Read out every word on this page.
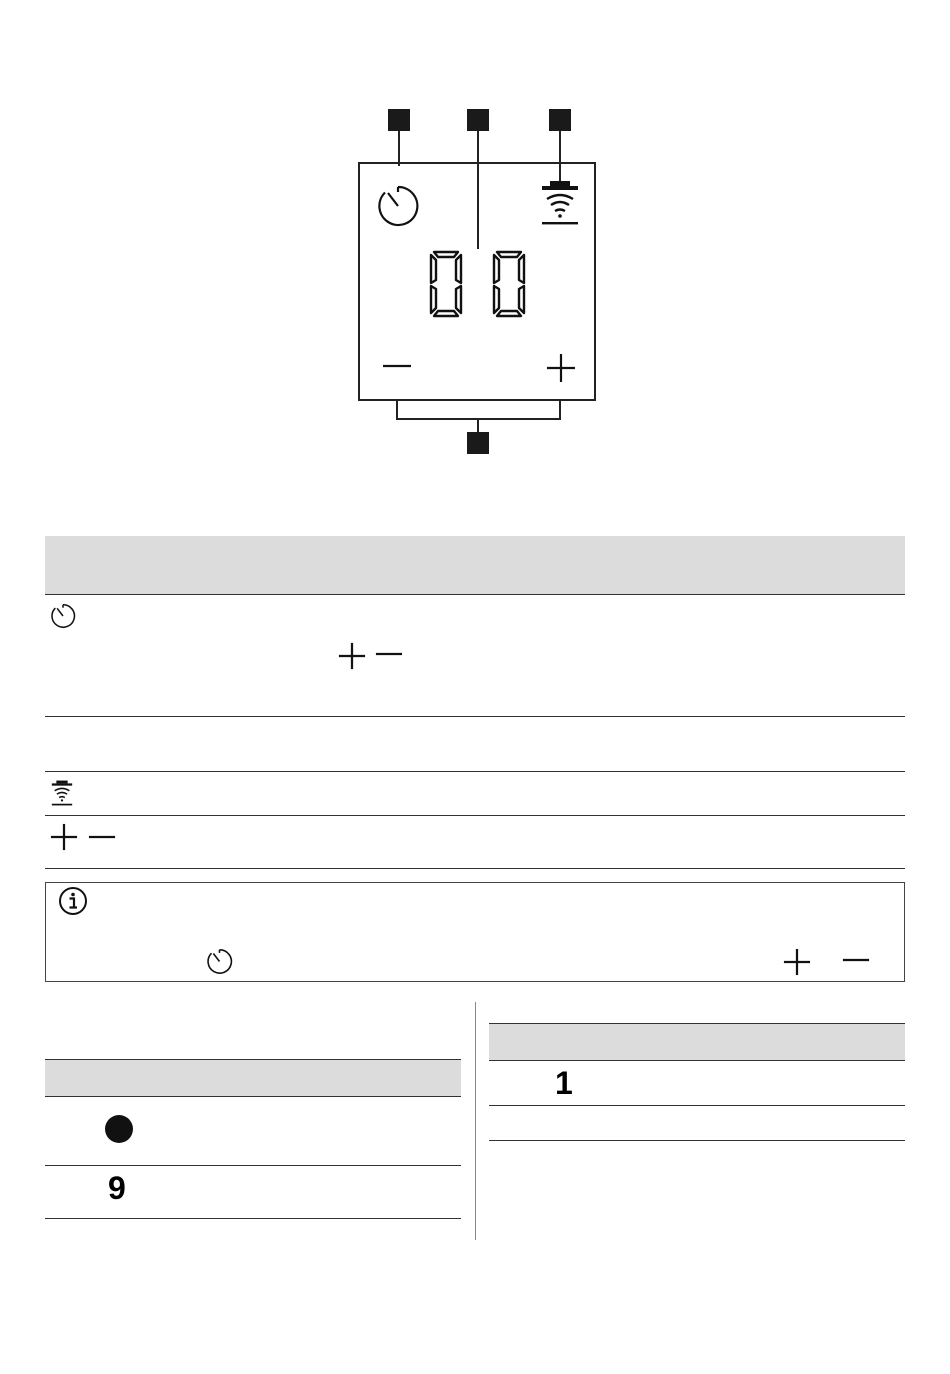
9
1
